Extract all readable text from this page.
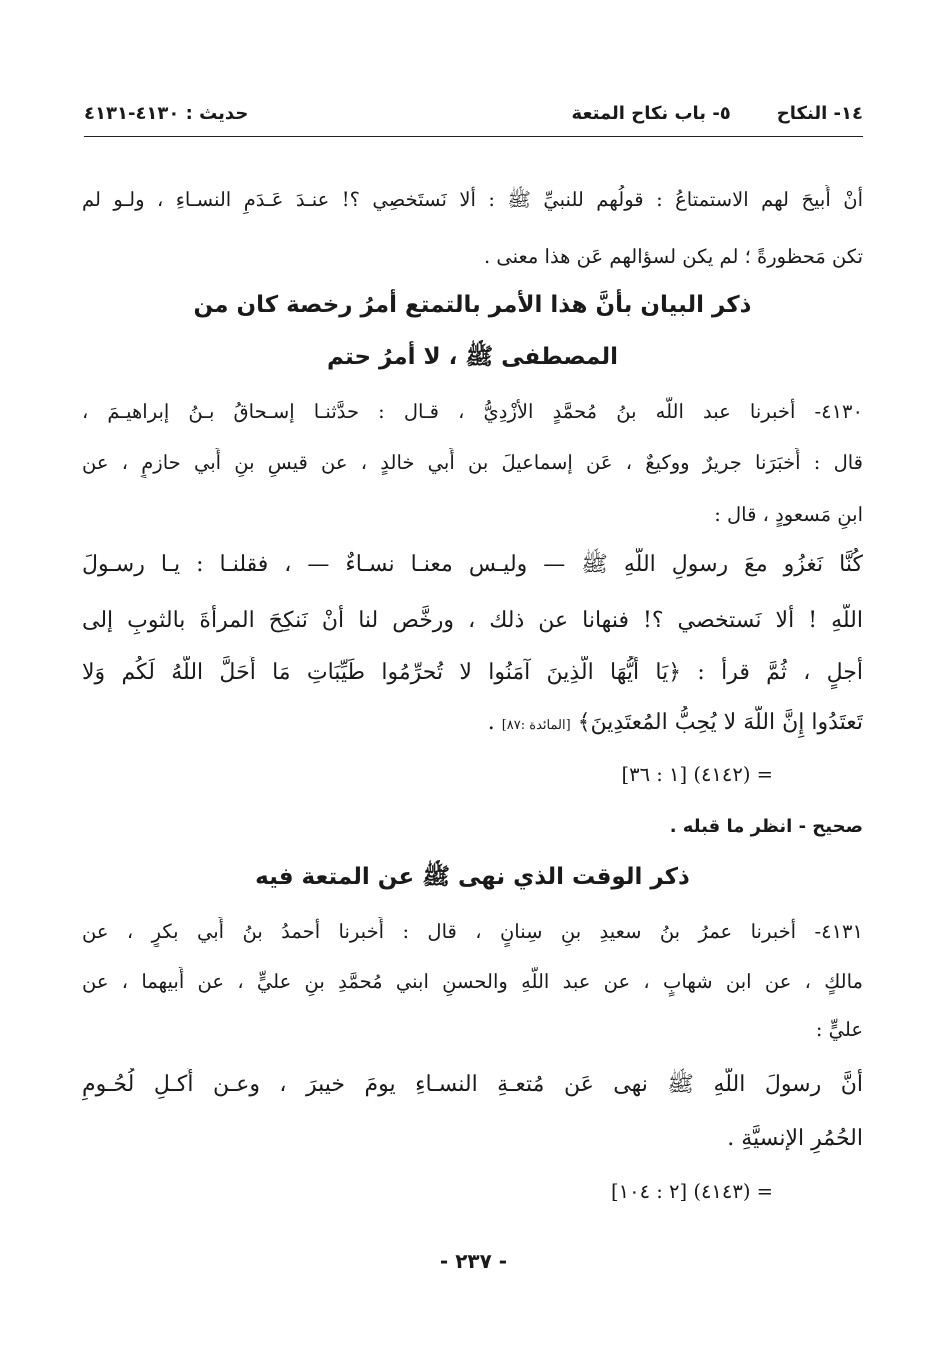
١٤- النكاح
٥- باب نكاح المتعة
حديث : ٤١٣٠-٤١٣١
أنْ أُبيحَ لهم الاستمتاعُ : قولُهم للنبيِّ ﷺ : ألا نَستَخصِي ؟! عنـدَ عَـدَمِ النسـاءِ ، ولـو لم
تكن مَحظورةً ؛ لم يكن لسؤالهم عَن هذا معنى .
ذكر البيان بأنَّ هذا الأمر بالتمتع أمرُ رخصة كان من
المصطفى ﷺ ، لا أمرُ حتم
٤١٣٠- أخبرنا عبد اللّه بنُ مُحمَّدٍ الأزْدِيُّ ، قـال : حدَّثنـا إسـحاقُ بـنُ إبراهيـمَ ،
قال : أَخبَرَنا جريرٌ ووكيعٌ ، عَن إسماعيلَ بن أَبي خالدٍ ، عن قيسِ بنِ أَبي حازمٍ ، عن
ابنِ مَسعودٍ ، قال :
كُنَّا نَغزُو معَ رسولِ اللّهِ ﷺ — وليـس معنـا نسـاءٌ — ، فقلنـا : يـا رسـولَ
اللّهِ ! ألا نَستخصي ؟! فنهانا عن ذلك ، ورخَّص لنا أنْ نَنكِحَ المرأةَ بالثوبِ إلى
أجلٍ ، ثُمَّ قرأ : ﴿يَا أَيُّهَا الَّذِينَ آمَنُوا لا تُحرِّمُوا طَيِّبَاتِ مَا أَحَلَّ اللَّهُ لَكُم وَلا
تَعتَدُوا إِنَّ اللَّهَ لا يُحِبُّ المُعتَدِينَ﴾ [المائدة :٨٧] .
= (٤١٤٢) [١ : ٣٦]
صحيح - انظر ما قبله .
ذكر الوقت الذي نهى ﷺ عن المتعة فيه
٤١٣١- أخبرنا عمرُ بنُ سعيدِ بنِ سِنانٍ ، قال : أَخبرنا أحمدُ بنُ أَبي بكرٍ ، عن
مالكٍ ، عن ابن شهابٍ ، عن عبد اللّهِ والحسنِ ابني مُحمَّدِ بنِ عليٍّ ، عن أَبيهما ، عن
عليٍّ :
أنَّ رسولَ اللّهِ ﷺ نهى عَن مُتعـةِ النسـاءِ يومَ خيبرَ ، وعـن أَكـلِ لُحُـومِ
الحُمُرِ الإنسيَّةِ .
= (٤١٤٣) [٢ : ١٠٤]
- ٢٣٧ -
